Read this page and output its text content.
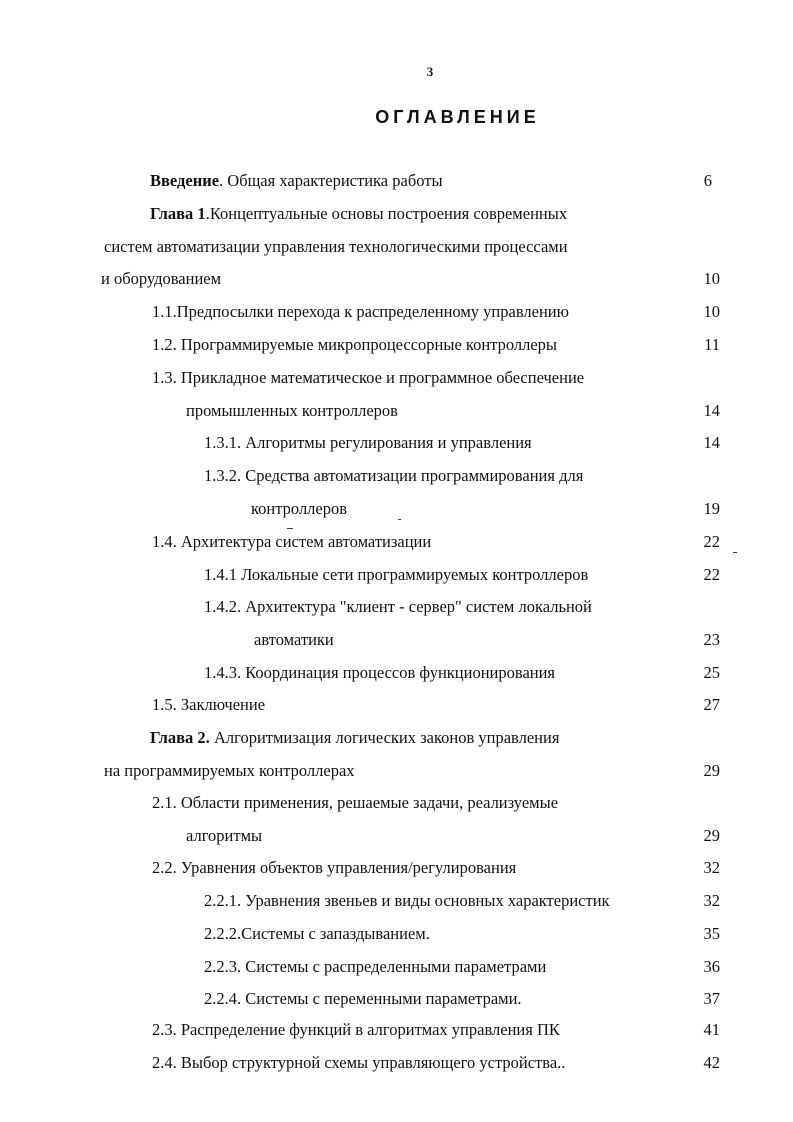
3
ОГЛАВЛЕНИЕ
Введение. Общая характеристика работы	6
Глава 1.Концептуальные основы построения современных
систем автоматизации управления технологическими процессами
и оборудованием	10
1.1.Предпосылки перехода к распределенному управлению	10
1.2. Программируемые микропроцессорные контроллеры	11
1.3. Прикладное математическое и программное обеспечение
промышленных контроллеров	14
1.3.1. Алгоритмы регулирования и управления	14
1.3.2. Средства автоматизации программирования для
контроллеров	19
1.4. Архитектура систем автоматизации	22
1.4.1 Локальные сети программируемых контроллеров	22
1.4.2. Архитектура "клиент - сервер" систем локальной
автоматики	23
1.4.3. Координация процессов функционирования	25
1.5. Заключение	27
Глава 2. Алгоритмизация логических законов управления
на программируемых контроллерах	29
2.1. Области применения, решаемые задачи, реализуемые
алгоритмы	29
2.2. Уравнения объектов управления/регулирования	32
2.2.1. Уравнения звеньев и виды основных характеристик	32
2.2.2.Системы с запаздыванием.	35
2.2.3. Системы с распределенными параметрами	36
2.2.4. Системы с переменными параметрами.	37
2.3. Распределение функций в алгоритмах управления ПК	41
2.4. Выбор структурной схемы управляющего устройства..	42
